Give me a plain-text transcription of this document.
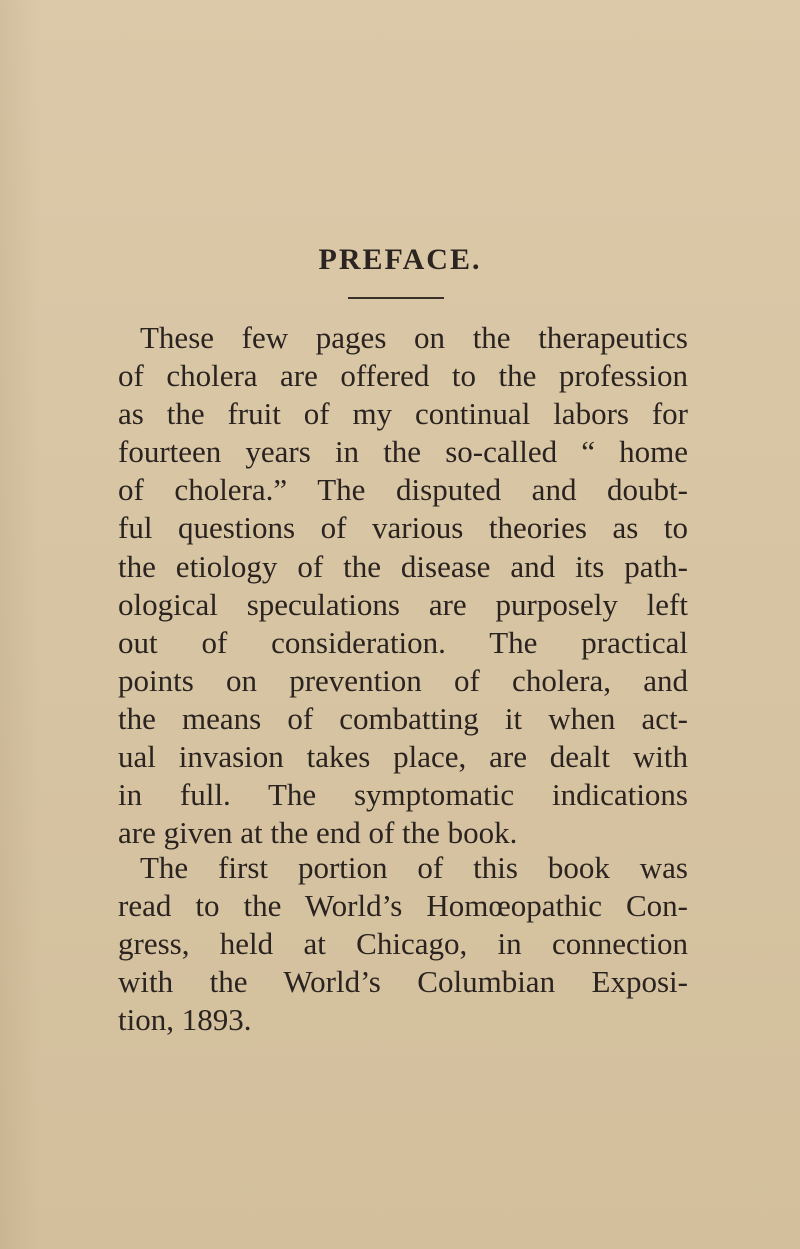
PREFACE.
These few pages on the therapeutics
of cholera are offered to the profession
as the fruit of my continual labors for
fourteen years in the so-called “ home
of cholera.” The disputed and doubt-
ful questions of various theories as to
the etiology of the disease and its path-
ological speculations are purposely left
out of consideration. The practical
points on prevention of cholera, and
the means of combatting it when act-
ual invasion takes place, are dealt with
in full. The symptomatic indications
are given at the end of the book.
The first portion of this book was
read to the World’s Homœopathic Con-
gress, held at Chicago, in connection
with the World’s Columbian Exposi-
tion, 1893.
